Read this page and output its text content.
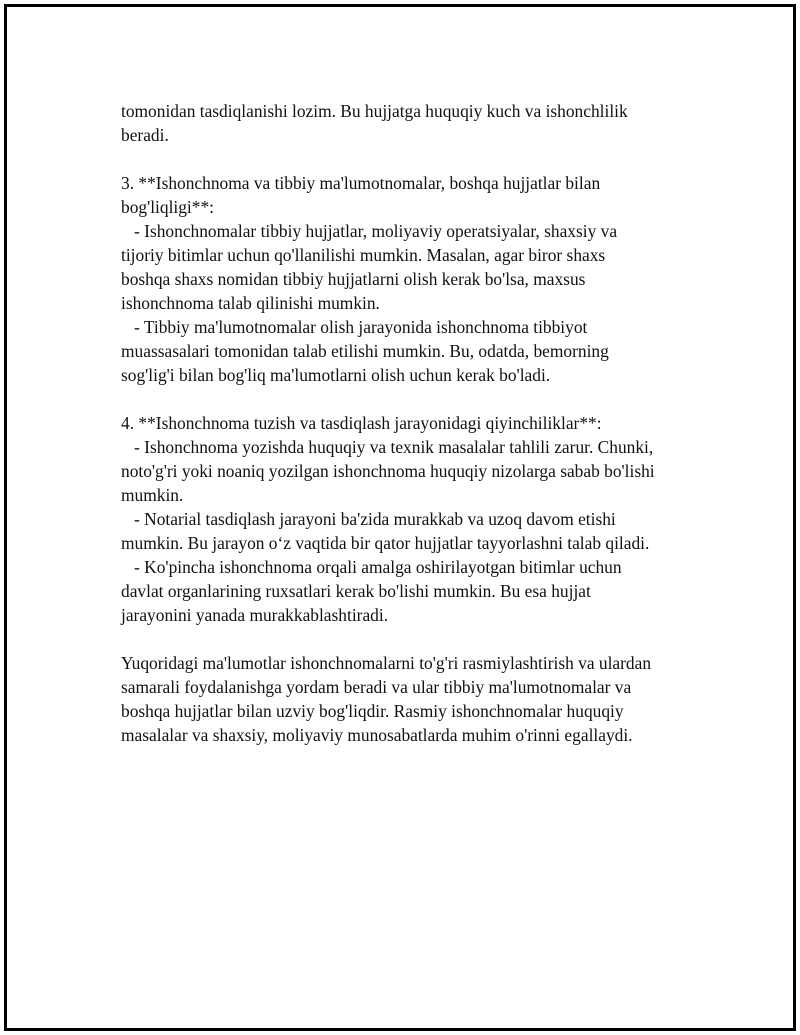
tomonidan tasdiqlanishi lozim. Bu hujjatga huquqiy kuch va ishonchlilik
beradi.

3. **Ishonchnoma va tibbiy ma'lumotnomalar, boshqa hujjatlar bilan
bog'liqligi**:
- Ishonchnomalar tibbiy hujjatlar, moliyaviy operatsiyalar, shaxsiy va
tijoriy bitimlar uchun qo'llanilishi mumkin. Masalan, agar biror shaxs
boshqa shaxs nomidan tibbiy hujjatlarni olish kerak bo'lsa, maxsus
ishonchnoma talab qilinishi mumkin.
- Tibbiy ma'lumotnomalar olish jarayonida ishonchnoma tibbiyot
muassasalari tomonidan talab etilishi mumkin. Bu, odatda, bemorning
sog'lig'i bilan bog'liq ma'lumotlarni olish uchun kerak bo'ladi.

4. **Ishonchnoma tuzish va tasdiqlash jarayonidagi qiyinchiliklar**:
- Ishonchnoma yozishda huquqiy va texnik masalalar tahlili zarur. Chunki,
noto'g'ri yoki noaniq yozilgan ishonchnoma huquqiy nizolarga sabab bo'lishi
mumkin.
- Notarial tasdiqlash jarayoni ba'zida murakkab va uzoq davom etishi
mumkin. Bu jarayon o‘z vaqtida bir qator hujjatlar tayyorlashni talab qiladi.
- Ko'pincha ishonchnoma orqali amalga oshirilayotgan bitimlar uchun
davlat organlarining ruxsatlari kerak bo'lishi mumkin. Bu esa hujjat
jarayonini yanada murakkablashtiradi.

Yuqoridagi ma'lumotlar ishonchnomalarni to'g'ri rasmiylashtirish va ulardan
samarali foydalanishga yordam beradi va ular tibbiy ma'lumotnomalar va
boshqa hujjatlar bilan uzviy bog'liqdir. Rasmiy ishonchnomalar huquqiy
masalalar va shaxsiy, moliyaviy munosabatlarda muhim o'rinni egallaydi.
